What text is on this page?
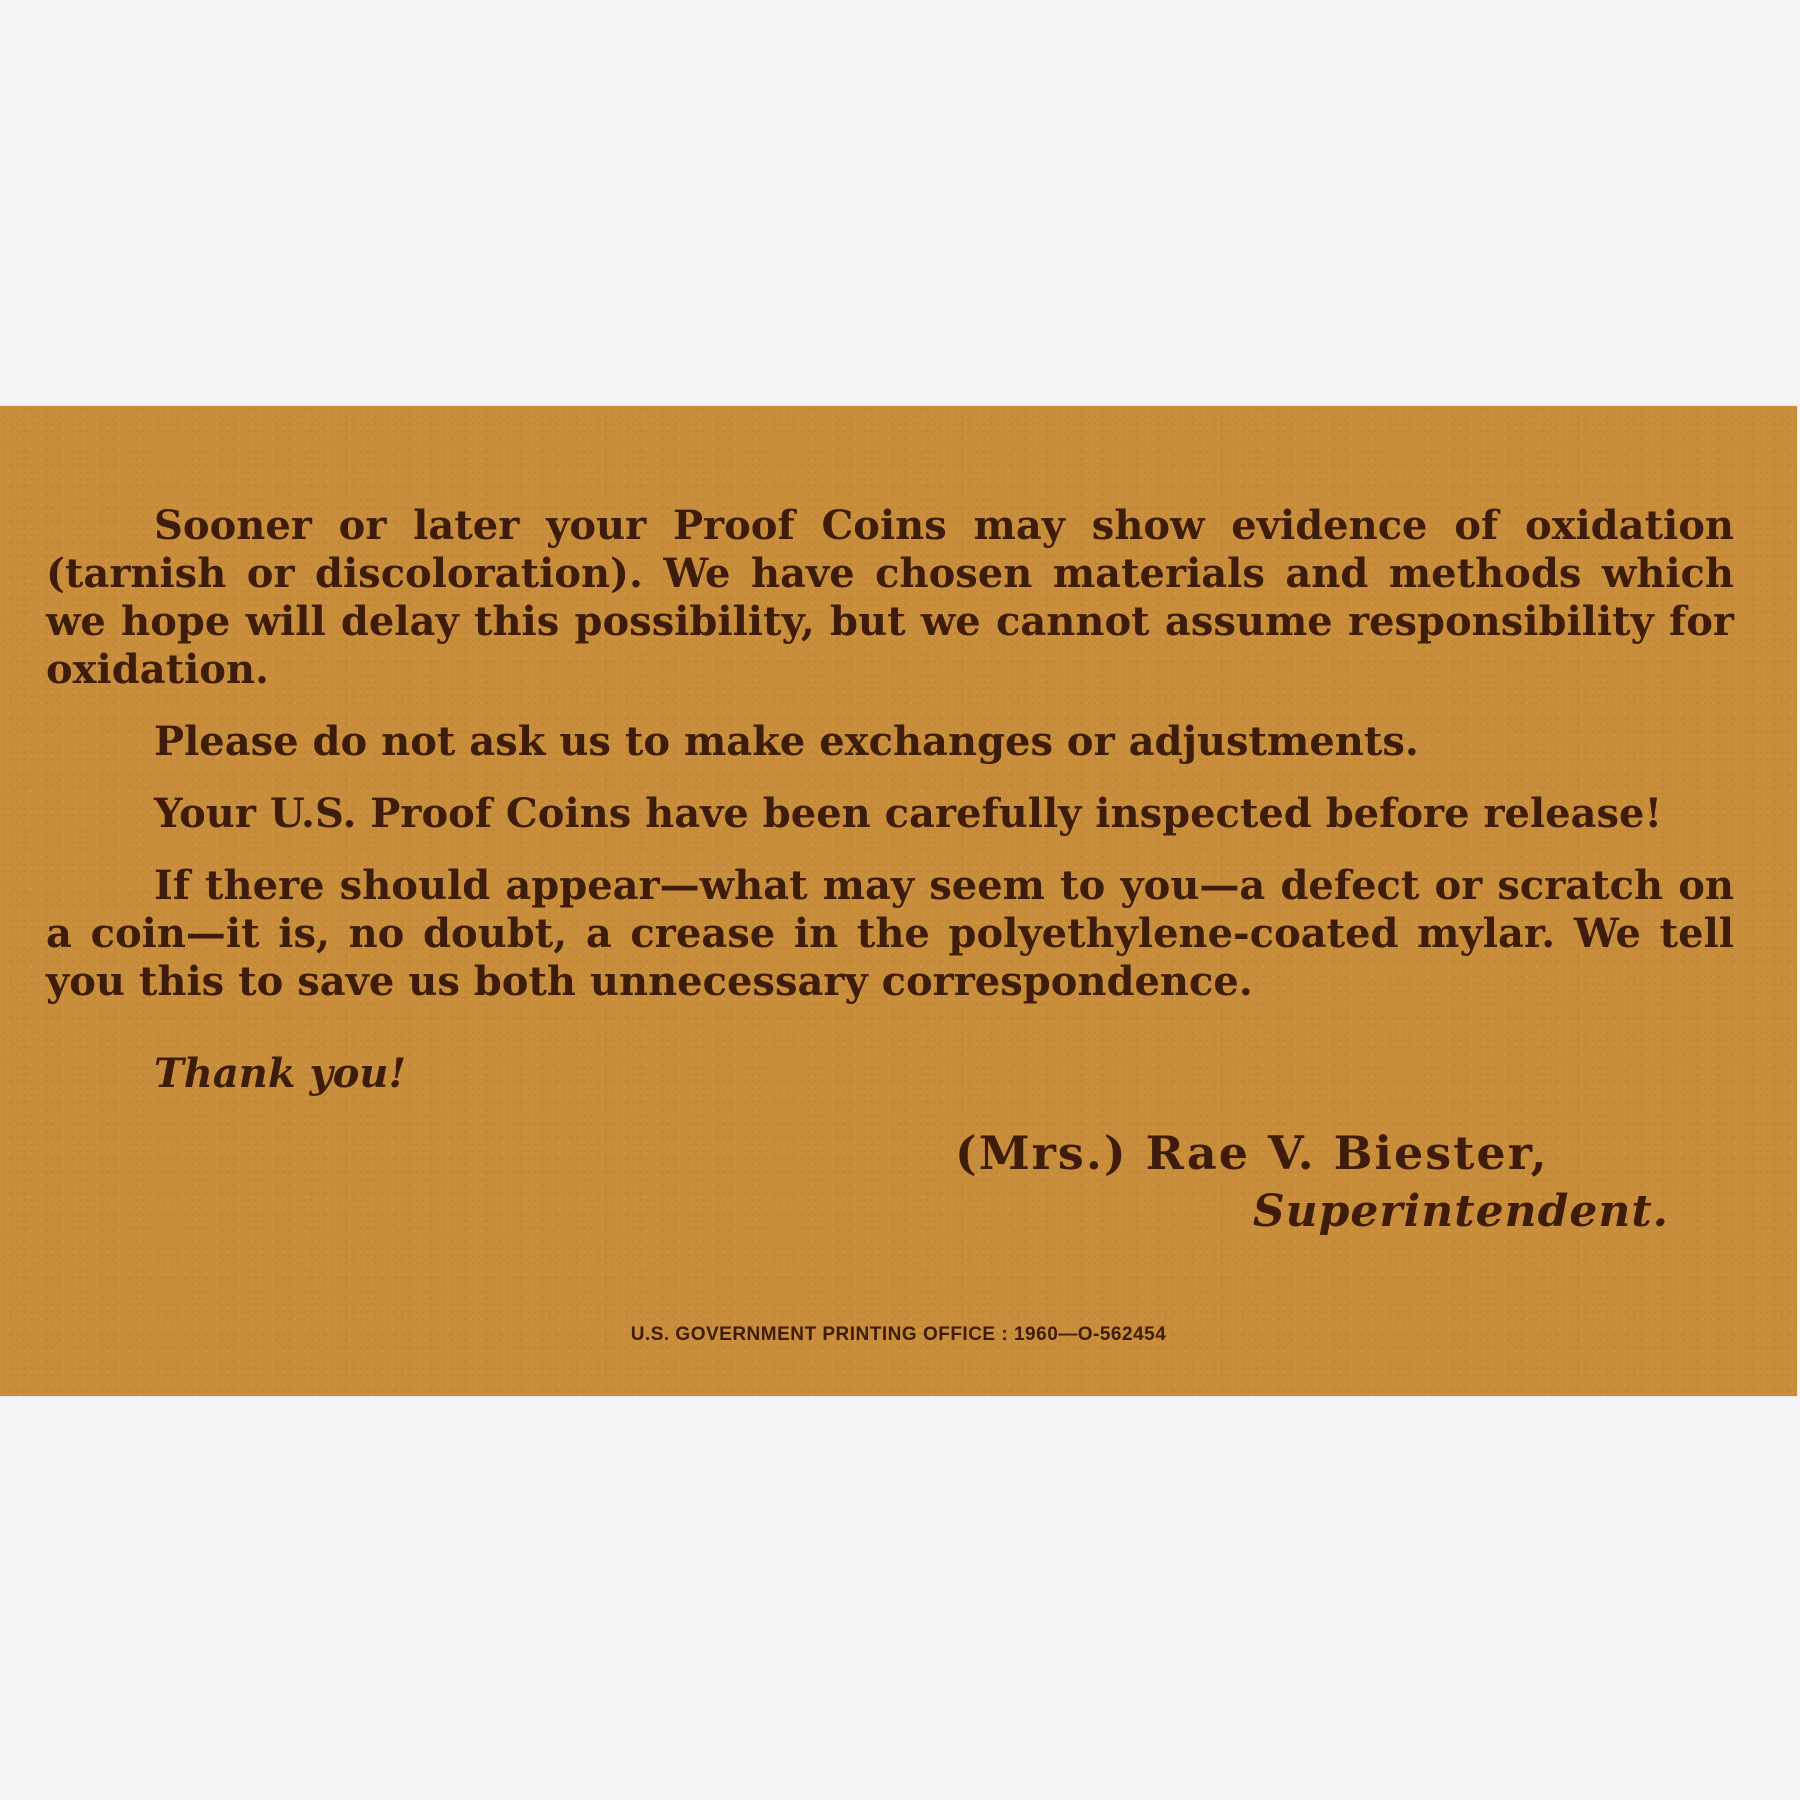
Sooner or later your Proof Coins may show evidence of oxidation (tarnish or discoloration). We have chosen materials and methods which we hope will delay this possibility, but we cannot assume responsibility for oxidation.

Please do not ask us to make exchanges or adjustments.

Your U.S. Proof Coins have been carefully inspected before release!

If there should appear—what may seem to you—a defect or scratch on a coin—it is, no doubt, a crease in the polyethylene-coated mylar. We tell you this to save us both unnecessary correspondence.

Thank you!

(Mrs.) Rae V. Biester,

Superintendent.

U.S. GOVERNMENT PRINTING OFFICE : 1960—O-562454
